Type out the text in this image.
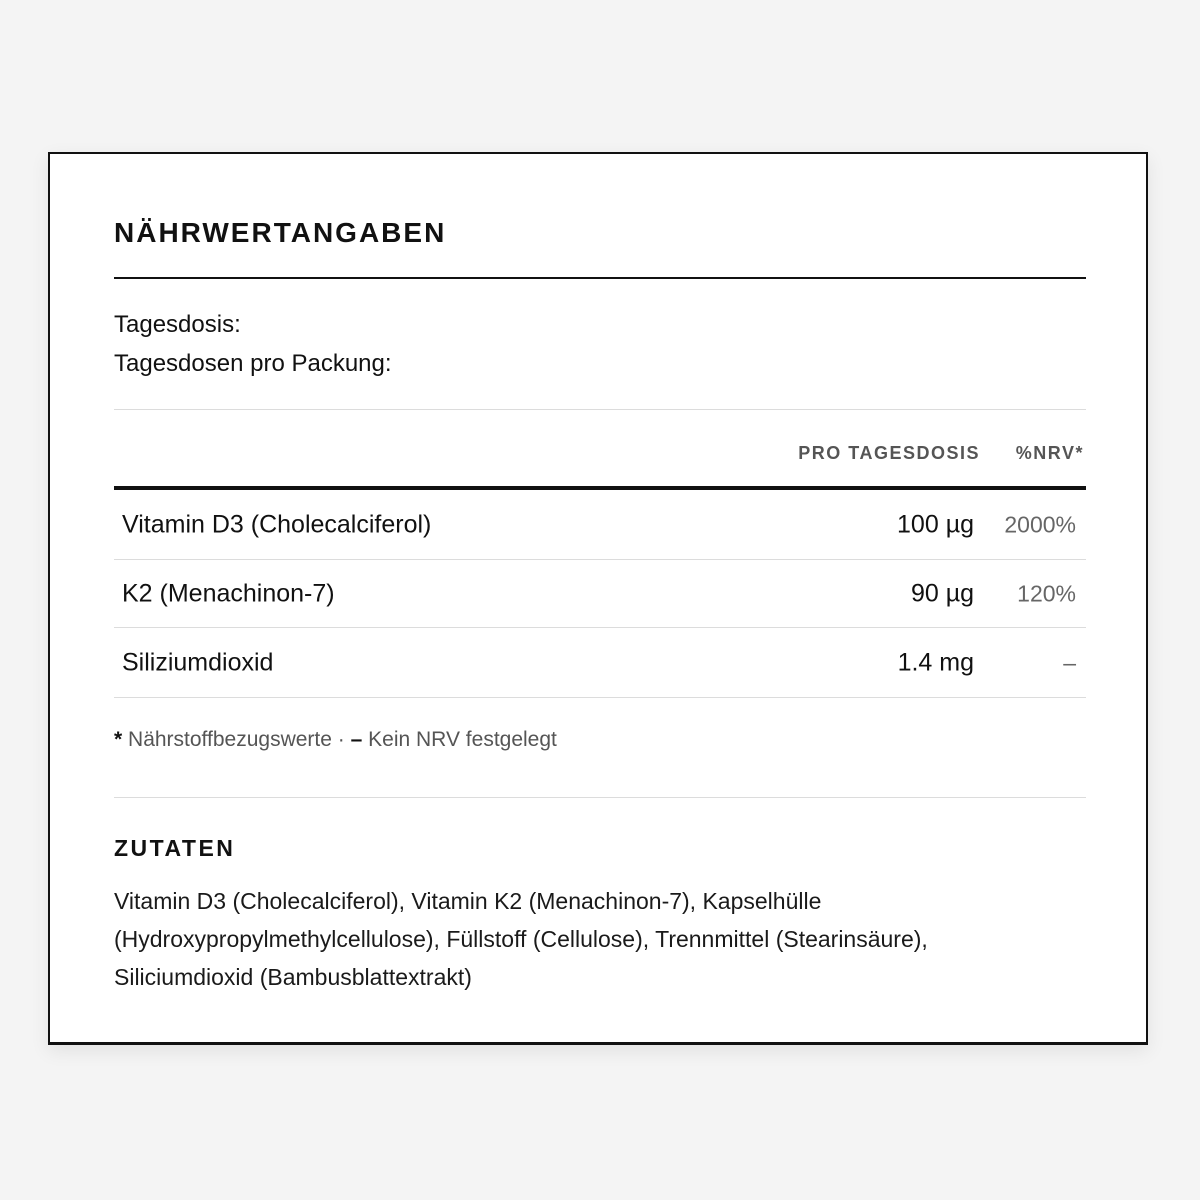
NÄHRWERTANGABEN
Tagesdosis:
Tagesdosen pro Packung:
PRO TAGESDOSIS %NRV*
Vitamin D3 (Cholecalciferol)	100 µg 2000%
K2 (Menachinon-7)	90 µg 120%
Siliziumdioxid	1.4 mg	–
* Nährstoffbezugswerte · – Kein NRV festgelegt
ZUTATEN
Vitamin D3 (Cholecalciferol), Vitamin K2 (Menachinon-7), Kapselhülle (Hydroxypropylmethylcellulose), Füllstoff (Cellulose), Trennmittel (Stearinsäure), Siliciumdioxid (Bambusblattextrakt)
